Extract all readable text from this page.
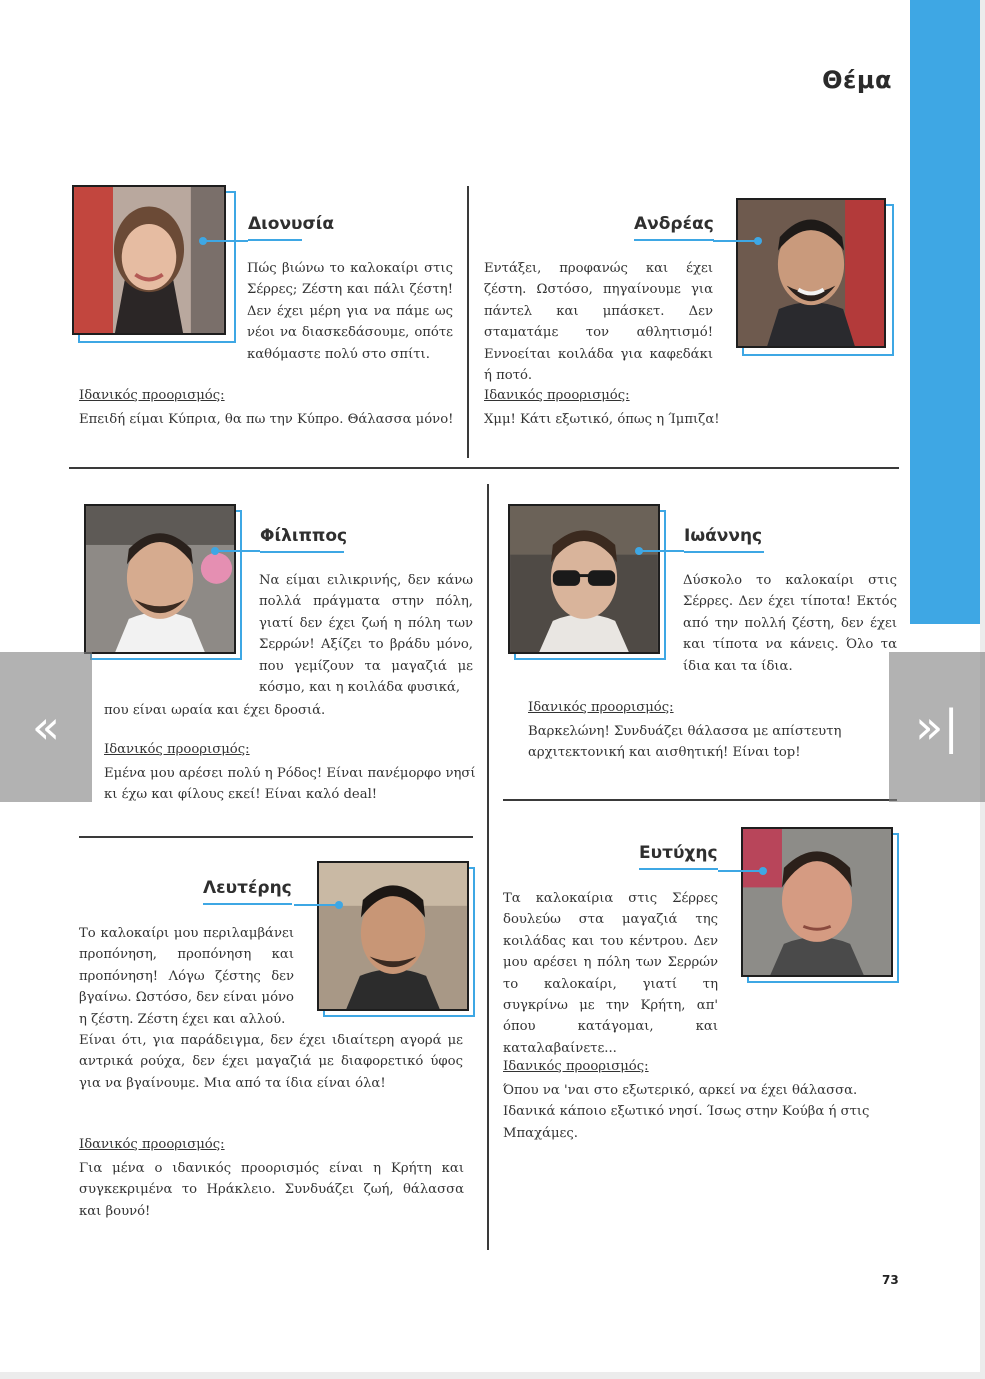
Θέμα
Διονυσία
Πώς βιώνω το καλοκαίρι στις Σέρρες; Ζέστη και πάλι ζέστη! Δεν έχει μέρη για να πάμε ως νέοι να διασκεδάσουμε, οπότε καθόμαστε πολύ στο σπίτι.
Ιδανικός προορισμός:
Επειδή είμαι Κύπρια, θα πω την Κύπρο. Θάλασσα μόνο!
Ανδρέας
Εντάξει, προφανώς και έχει ζέστη. Ωστόσο, πηγαίνουμε για πάντελ και μπάσκετ. Δεν σταματάμε τον αθλητισμό! Εννοείται κοιλάδα για καφεδάκι ή ποτό.
Ιδανικός προορισμός:
Χμμ! Κάτι εξωτικό, όπως η Ίμπιζα!
Φίλιππος
Να είμαι ειλικρινής, δεν κάνω πολλά πράγματα στην πόλη, γιατί δεν έχει ζωή η πόλη των Σερρών! Αξίζει το βράδυ μόνο, που γεμίζουν τα μαγαζιά με κόσμο, και η κοιλάδα φυσικά,
που είναι ωραία και έχει δροσιά.
Ιδανικός προορισμός:
Εμένα μου αρέσει πολύ η Ρόδος! Είναι πανέμορφο νησί κι έχω και φίλους εκεί! Είναι καλό deal!
Ιωάννης
Δύσκολο το καλοκαίρι στις Σέρρες. Δεν έχει τίποτα! Εκτός από την πολλή ζέστη, δεν έχει και τίποτα να κάνεις. Όλο τα ίδια και τα ίδια.
Ιδανικός προορισμός:
Βαρκελώνη! Συνδυάζει θάλασσα με απίστευτη αρχιτεκτονική και αισθητική! Είναι top!
Λευτέρης
Το καλοκαίρι μου περιλαμβάνει προπόνηση, προπόνηση και προπόνηση! Λόγω ζέστης δεν βγαίνω. Ωστόσο, δεν είναι μόνο η ζέστη. Ζέστη έχει και αλλού.
Είναι ότι, για παράδειγμα, δεν έχει ιδιαίτερη αγορά με αντρικά ρούχα, δεν έχει μαγαζιά με διαφορετικό ύφος για να βγαίνουμε. Μια από τα ίδια είναι όλα!
Ιδανικός προορισμός:
Για μένα ο ιδανικός προορισμός είναι η Κρήτη και συγκεκριμένα το Ηράκλειο. Συνδυάζει ζωή, θάλασσα και βουνό!
Ευτύχης
Τα καλοκαίρια στις Σέρρες δουλεύω στα μαγαζιά της κοιλάδας και του κέντρου. Δεν μου αρέσει η πόλη των Σερρών το καλοκαίρι, γιατί τη συγκρίνω με την Κρήτη, απ' όπου κατάγομαι, και καταλαβαίνετε...
Ιδανικός προορισμός:
Όπου να 'ναι στο εξωτερικό, αρκεί να έχει θάλασσα. Ιδανικά κάποιο εξωτικό νησί. Ίσως στην Κούβα ή στις Μπαχάμες.
73
«	»|
